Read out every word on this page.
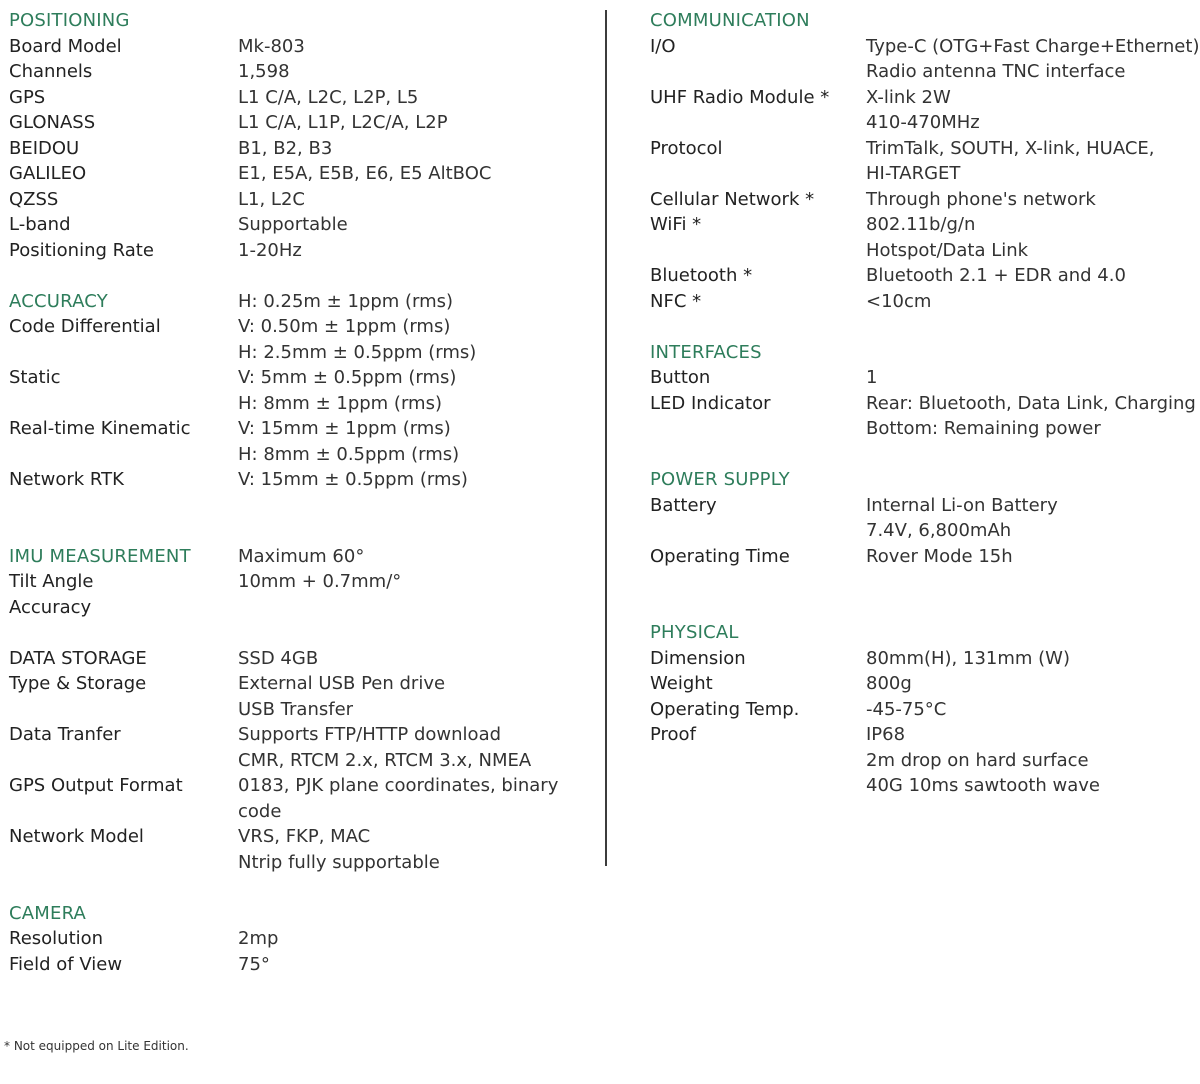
POSITIONING
Board Model	Mk-803
Channels	1,598
GPS	L1 C/A, L2C, L2P, L5
GLONASS	L1 C/A, L1P, L2C/A, L2P
BEIDOU	B1, B2, B3
GALILEO	E1, E5A, E5B, E6, E5 AltBOC
QZSS	L1, L2C
L-band	Supportable
Positioning Rate	1-20Hz
ACCURACY	H: 0.25m ± 1ppm (rms)
Code Differential	V: 0.50m ± 1ppm (rms)
H: 2.5mm ± 0.5ppm (rms)
Static	V: 5mm ± 0.5ppm (rms)
H: 8mm ± 1ppm (rms)
Real-time Kinematic	V: 15mm ± 1ppm (rms)
H: 8mm ± 0.5ppm (rms)
Network RTK	V: 15mm ± 0.5ppm (rms)
IMU MEASUREMENT	Maximum 60°
Tilt Angle	10mm + 0.7mm/°
Accuracy
DATA STORAGE	SSD 4GB
Type & Storage	External USB Pen drive
USB Transfer
Data Tranfer	Supports FTP/HTTP download
CMR, RTCM 2.x, RTCM 3.x, NMEA
GPS Output Format	0183, PJK plane coordinates, binary
code
Network Model	VRS, FKP, MAC
Ntrip fully supportable
CAMERA
Resolution	2mp
Field of View	75°
COMMUNICATION
I/O	Type-C (OTG+Fast Charge+Ethernet)
Radio antenna TNC interface
UHF Radio Module *	X-link 2W
410-470MHz
Protocol	TrimTalk, SOUTH, X-link, HUACE,
HI-TARGET
Cellular Network *	Through phone's network
WiFi *	802.11b/g/n
Hotspot/Data Link
Bluetooth *	Bluetooth 2.1 + EDR and 4.0
NFC *	<10cm
INTERFACES
Button	1
LED Indicator	Rear: Bluetooth, Data Link, Charging
Bottom: Remaining power
POWER SUPPLY
Battery	Internal Li-on Battery
7.4V, 6,800mAh
Operating Time	Rover Mode 15h
PHYSICAL
Dimension	80mm(H), 131mm (W)
Weight	800g
Operating Temp.	-45-75°C
Proof	IP68
2m drop on hard surface
40G 10ms sawtooth wave
* Not equipped on Lite Edition.
